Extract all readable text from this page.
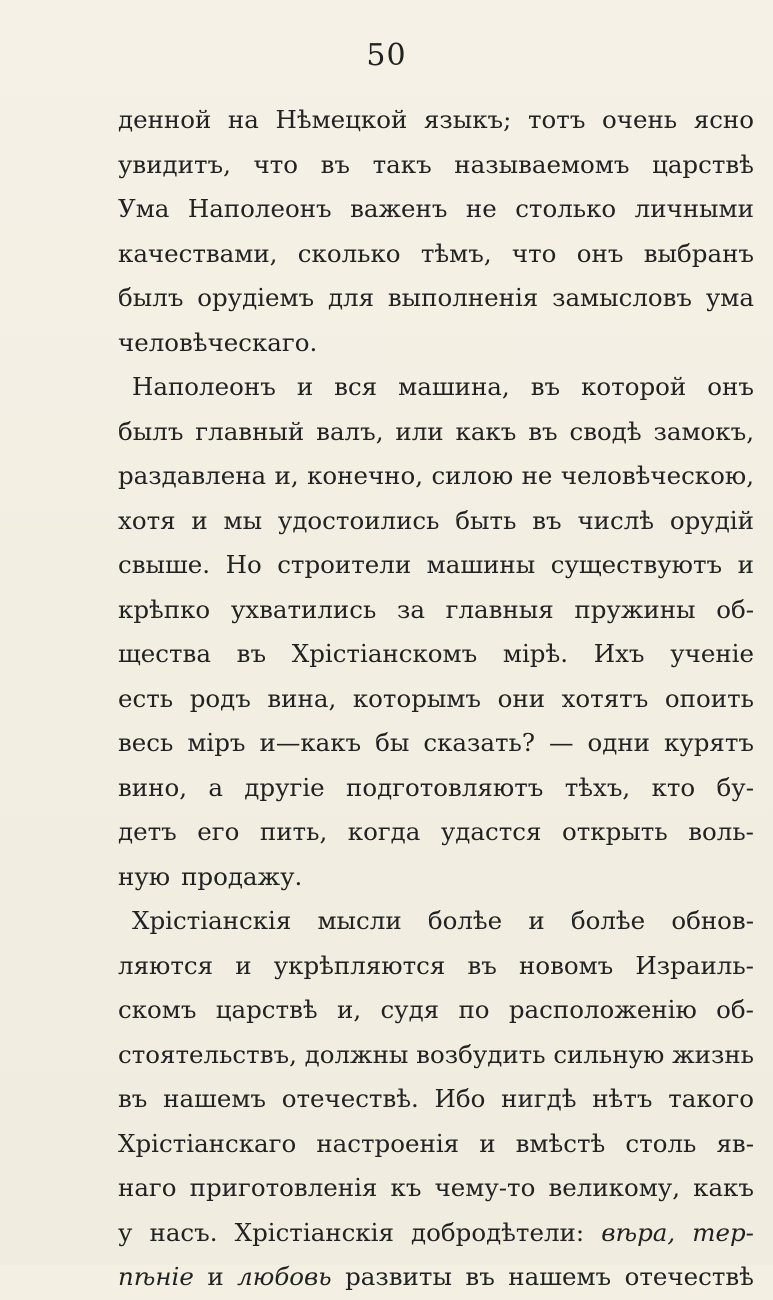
50
денной на Нѣмецкой языкъ; тотъ очень ясно
увидитъ, что въ такъ называемомъ царствѣ
Ума Наполеонъ важенъ не столько личными
качествами, сколько тѣмъ, что онъ выбранъ
былъ орудіемъ для выполненія замысловъ ума
человѣческаго.
Наполеонъ и вся машина, въ которой онъ
былъ главный валъ, или какъ въ сводѣ замокъ,
раздавлена и, конечно, силою не человѣческою,
хотя и мы удостоились быть въ числѣ орудій
свыше. Но строители машины существуютъ и
крѣпко ухватились за главныя пружины об-
щества въ Хрістіанскомъ мірѣ. Ихъ ученіе
есть родъ вина, которымъ они хотятъ опоить
весь міръ и—какъ бы сказать? — одни курятъ
вино, а другіе подготовляютъ тѣхъ, кто бу-
детъ его пить, когда удастся открыть воль-
ную продажу.
Хрістіанскія мысли болѣе и болѣе обнов-
ляются и укрѣпляются въ новомъ Израиль-
скомъ царствѣ и, судя по расположенію об-
стоятельствъ, должны возбудить сильную жизнь
въ нашемъ отечествѣ. Ибо нигдѣ нѣтъ такого
Хрістіанскаго настроенія и вмѣстѣ столь яв-
наго приготовленія къ чему-то великому, какъ
у насъ. Хрістіанскія добродѣтели: вѣра, тер-
пѣніе и любовь развиты въ нашемъ отечествѣ
